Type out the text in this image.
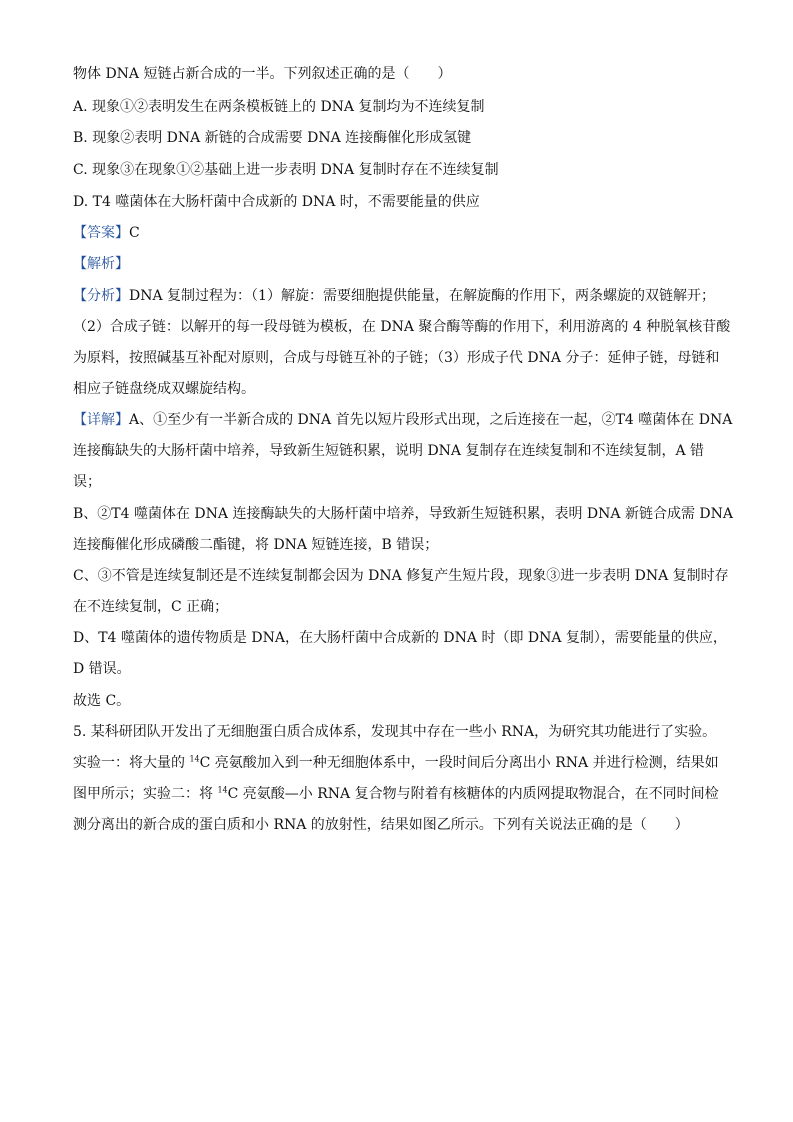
物体 DNA 短链占新合成的一半。下列叙述正确的是（　　）
A. 现象①②表明发生在两条模板链上的 DNA 复制均为不连续复制
B. 现象②表明 DNA 新链的合成需要 DNA 连接酶催化形成氢键
C. 现象③在现象①②基础上进一步表明 DNA 复制时存在不连续复制
D. T4 噬菌体在大肠杆菌中合成新的 DNA 时，不需要能量的供应
【答案】C
【解析】
【分析】DNA 复制过程为：（1）解旋：需要细胞提供能量，在解旋酶的作用下，两条螺旋的双链解开；
（2）合成子链：以解开的每一段母链为模板，在 DNA 聚合酶等酶的作用下，利用游离的 4 种脱氧核苷酸
为原料，按照碱基互补配对原则，合成与母链互补的子链；（3）形成子代 DNA 分子：延伸子链，母链和
相应子链盘绕成双螺旋结构。
【详解】A、①至少有一半新合成的 DNA 首先以短片段形式出现，之后连接在一起，②T4 噬菌体在 DNA
连接酶缺失的大肠杆菌中培养，导致新生短链积累，说明 DNA 复制存在连续复制和不连续复制，A 错
误；
B、②T4 噬菌体在 DNA 连接酶缺失的大肠杆菌中培养，导致新生短链积累，表明 DNA 新链合成需 DNA
连接酶催化形成磷酸二酯键，将 DNA 短链连接，B 错误；
C、③不管是连续复制还是不连续复制都会因为 DNA 修复产生短片段，现象③进一步表明 DNA 复制时存
在不连续复制，C 正确；
D、T4 噬菌体的遗传物质是 DNA，在大肠杆菌中合成新的 DNA 时（即 DNA 复制），需要能量的供应，
D 错误。
故选 C。
5. 某科研团队开发出了无细胞蛋白质合成体系，发现其中存在一些小 RNA，为研究其功能进行了实验。
实验一：将大量的 $^{14}$C 亮氨酸加入到一种无细胞体系中，一段时间后分离出小 RNA 并进行检测，结果如
图甲所示；实验二：将 $^{14}$C 亮氨酸—小 RNA 复合物与附着有核糖体的内质网提取物混合，在不同时间检
测分离出的新合成的蛋白质和小 RNA 的放射性，结果如图乙所示。下列有关说法正确的是（　　）
